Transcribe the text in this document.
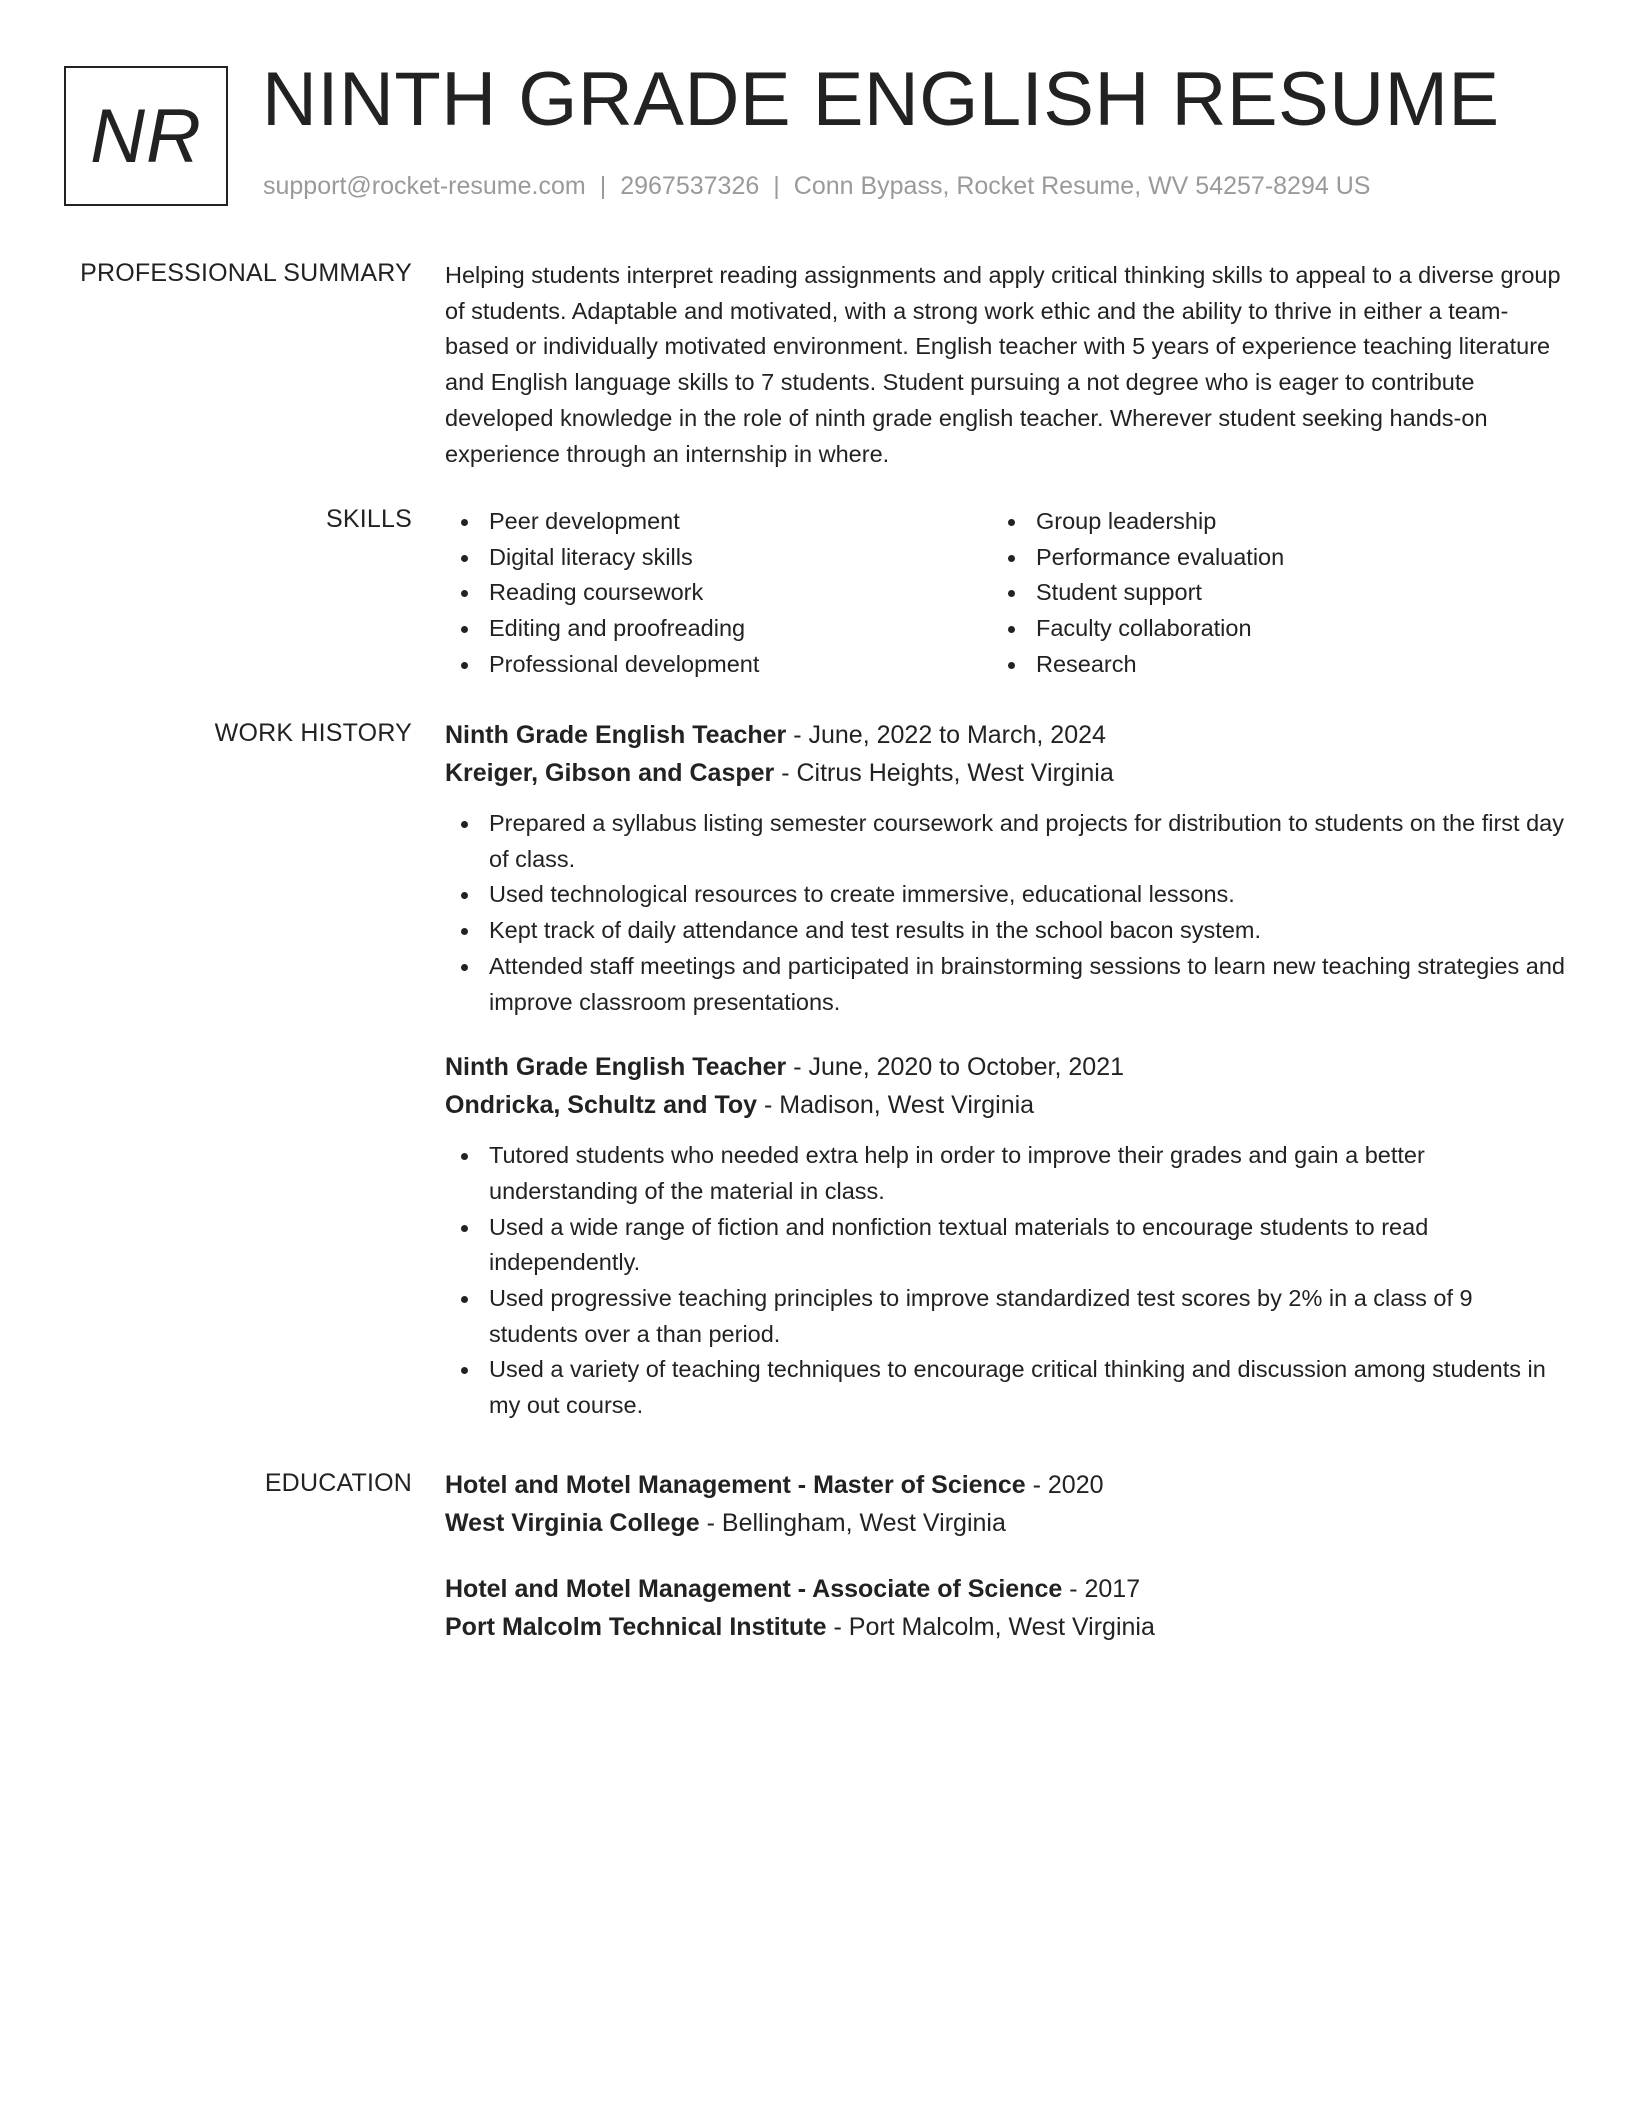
NR NINTH GRADE ENGLISH RESUME
support@rocket-resume.com | 2967537326 | Conn Bypass, Rocket Resume, WV 54257-8294 US
PROFESSIONAL SUMMARY Helping students interpret reading assignments and apply critical thinking skills to appeal to a diverse group of students. Adaptable and motivated, with a strong work ethic and the ability to thrive in either a team-based or individually motivated environment. English teacher with 5 years of experience teaching literature and English language skills to 7 students. Student pursuing a not degree who is eager to contribute developed knowledge in the role of ninth grade english teacher. Wherever student seeking hands-on experience through an internship in where.

SKILLS	Peer development
Digital literacy skills
Reading coursework
Editing and proofreading
Professional development
Group leadership
Performance evaluation
Student support
Faculty collaboration
Research
WORK HISTORY Ninth Grade English Teacher - June, 2022 to March, 2024
Kreiger, Gibson and Casper - Citrus Heights, West Virginia
Prepared a syllabus listing semester coursework and projects for distribution to students on the first day of class.
Used technological resources to create immersive, educational lessons.
Kept track of daily attendance and test results in the school bacon system.
Attended staff meetings and participated in brainstorming sessions to learn new teaching strategies and improve classroom presentations.
Ninth Grade English Teacher - June, 2020 to October, 2021
Ondricka, Schultz and Toy - Madison, West Virginia
Tutored students who needed extra help in order to improve their grades and gain a better understanding of the material in class.
Used a wide range of fiction and nonfiction textual materials to encourage students to read independently.
Used progressive teaching principles to improve standardized test scores by 2% in a class of 9 students over a than period.
Used a variety of teaching techniques to encourage critical thinking and discussion among students in my out course.
EDUCATION Hotel and Motel Management - Master of Science - 2020
West Virginia College - Bellingham, West Virginia
Hotel and Motel Management - Associate of Science - 2017
Port Malcolm Technical Institute - Port Malcolm, West Virginia
